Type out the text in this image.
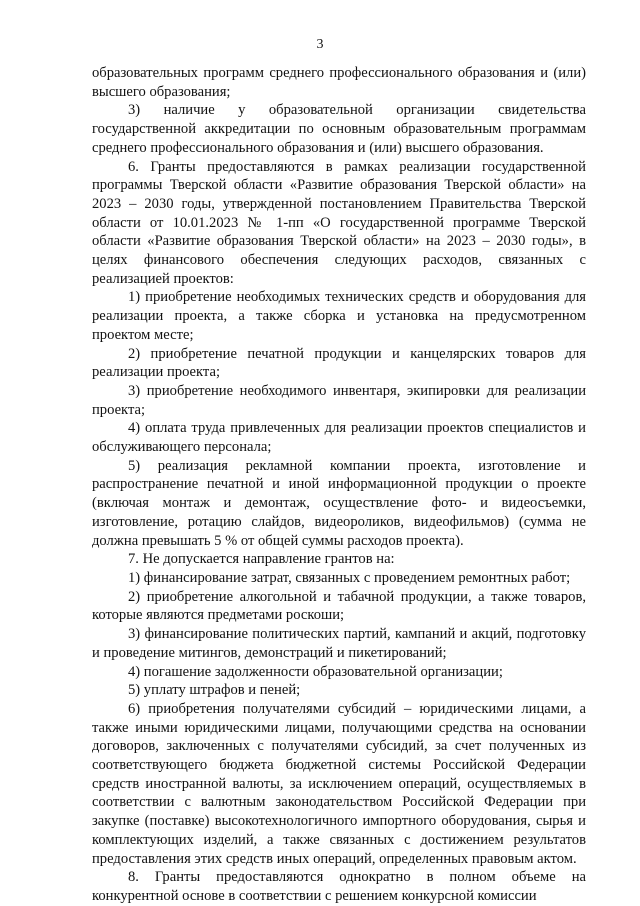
3

образовательных программ среднего профессионального образования и (или) высшего образования;

3) наличие у образовательной организации свидетельства государственной аккредитации по основным образовательным программам среднего профессионального образования и (или) высшего образования.

6. Гранты предоставляются в рамках реализации государственной программы Тверской области «Развитие образования Тверской области» на 2023 – 2030 годы, утвержденной постановлением Правительства Тверской области от 10.01.2023 № 1-пп «О государственной программе Тверской области «Развитие образования Тверской области» на 2023 – 2030 годы», в целях финансового обеспечения следующих расходов, связанных с реализацией проектов:

1) приобретение необходимых технических средств и оборудования для реализации проекта, а также сборка и установка на предусмотренном проектом месте;

2) приобретение печатной продукции и канцелярских товаров для реализации проекта;

3) приобретение необходимого инвентаря, экипировки для реализации проекта;

4) оплата труда привлеченных для реализации проектов специалистов и обслуживающего персонала;

5) реализация рекламной компании проекта, изготовление и распространение печатной и иной информационной продукции о проекте (включая монтаж и демонтаж, осуществление фото- и видеосъемки, изготовление, ротацию слайдов, видеороликов, видеофильмов) (сумма не должна превышать 5 % от общей суммы расходов проекта).

7. Не допускается направление грантов на:

1) финансирование затрат, связанных с проведением ремонтных работ;

2) приобретение алкогольной и табачной продукции, а также товаров, которые являются предметами роскоши;

3) финансирование политических партий, кампаний и акций, подготовку и проведение митингов, демонстраций и пикетирований;

4) погашение задолженности образовательной организации;

5) уплату штрафов и пеней;

6) приобретения получателями субсидий – юридическими лицами, а также иными юридическими лицами, получающими средства на основании договоров, заключенных с получателями субсидий, за счет полученных из соответствующего бюджета бюджетной системы Российской Федерации средств иностранной валюты, за исключением операций, осуществляемых в соответствии с валютным законодательством Российской Федерации при закупке (поставке) высокотехнологичного импортного оборудования, сырья и комплектующих изделий, а также связанных с достижением результатов предоставления этих средств иных операций, определенных правовым актом.

8. Гранты предоставляются однократно в полном объеме на конкурентной основе в соответствии с решением конкурсной комиссии
